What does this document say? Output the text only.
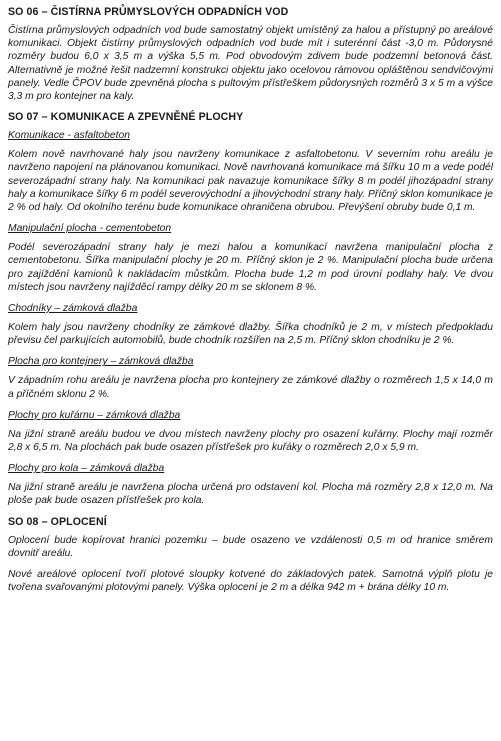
SO 06 – ČISTÍRNA PRŮMYSLOVÝCH ODPADNÍCH VOD

Čistírna průmyslových odpadních vod bude samostatný objekt umístěný za halou a přístupný po areálové komunikaci. Objekt čistírny průmyslových odpadních vod bude mít i suterénní část -3,0 m. Půdorysné rozměry budou 6,0 x 3,5 m a výška 5,5 m. Pod obvodovým zdivem bude podzemní betonová část. Alternativně je možné řešit nadzemní konstrukci objektu jako ocelovou rámovou opláštěnou sendvičovými panely. Vedle ČPOV bude zpevněná plocha s pultovým přístřeškem půdorysných rozměrů 3 x 5 m a výšce 3,3 m pro kontejner na kaly.

SO 07 – KOMUNIKACE A ZPEVNĚNÉ PLOCHY
Komunikace - asfaltobeton

Kolem nově navrhované haly jsou navrženy komunikace z asfaltobetonu. V severním rohu areálu je navrženo napojení na plánovanou komunikaci. Nově navrhovaná komunikace má šířku 10 m a vede podél severozápadní strany haly. Na komunikaci pak navazuje komunikace šířky 8 m podél jihozápadní strany haly a komunikace šířky 6 m podél severovýchodní a jihovýchodní strany haly. Příčný sklon komunikace je 2 % od haly. Od okolního terénu bude komunikace ohraničena obrubou. Převýšení obruby bude 0,1 m.

Manipulační plocha - cementobeton

Podél severozápadní strany haly je mezi halou a komunikací navržena manipulační plocha z cementobetonu. Šířka manipulační plochy je 20 m. Příčný sklon je 2 %. Manipulační plocha bude určena pro zajíždění kamionů k nakládacím můstkům. Plocha bude 1,2 m pod úrovní podlahy haly. Ve dvou místech jsou navrženy najížděcí rampy délky 20 m se sklonem 8 %.

Chodníky – zámková dlažba

Kolem haly jsou navrženy chodníky ze zámkové dlažby. Šířka chodníků je 2 m, v místech předpokladu převisu čel parkujících automobilů, bude chodník rozšířen na 2,5 m. Příčný sklon chodníku je 2 %.

Plocha pro kontejnery – zámková dlažba

V západním rohu areálu je navržena plocha pro kontejnery ze zámkové dlažby o rozměrech 1,5 x 14,0 m a příčném sklonu 2 %.

Plochy pro kuřárnu – zámková dlažba

Na jižní straně areálu budou ve dvou místech navrženy plochy pro osazení kuřárny. Plochy mají rozměr 2,8 x 6,5 m. Na plochách pak bude osazen přístřešek pro kuřáky o rozměrech 2,0 x 5,9 m.

Plochy pro kola – zámková dlažba

Na jižní straně areálu je navržena plocha určená pro odstavení kol. Plocha má rozměry 2,8 x 12,0 m. Na ploše pak bude osazen přístřešek pro kola.

SO 08 – OPLOCENÍ

Oplocení bude kopírovat hranici pozemku – bude osazeno ve vzdálenosti 0,5 m od hranice směrem dovnitř areálu.

Nové areálové oplocení tvoří plotové sloupky kotvené do základových patek. Samotná výplň plotu je tvořena svařovanými plotovými panely. Výška oplocení je 2 m a délka 942 m + brána délky 10 m.
